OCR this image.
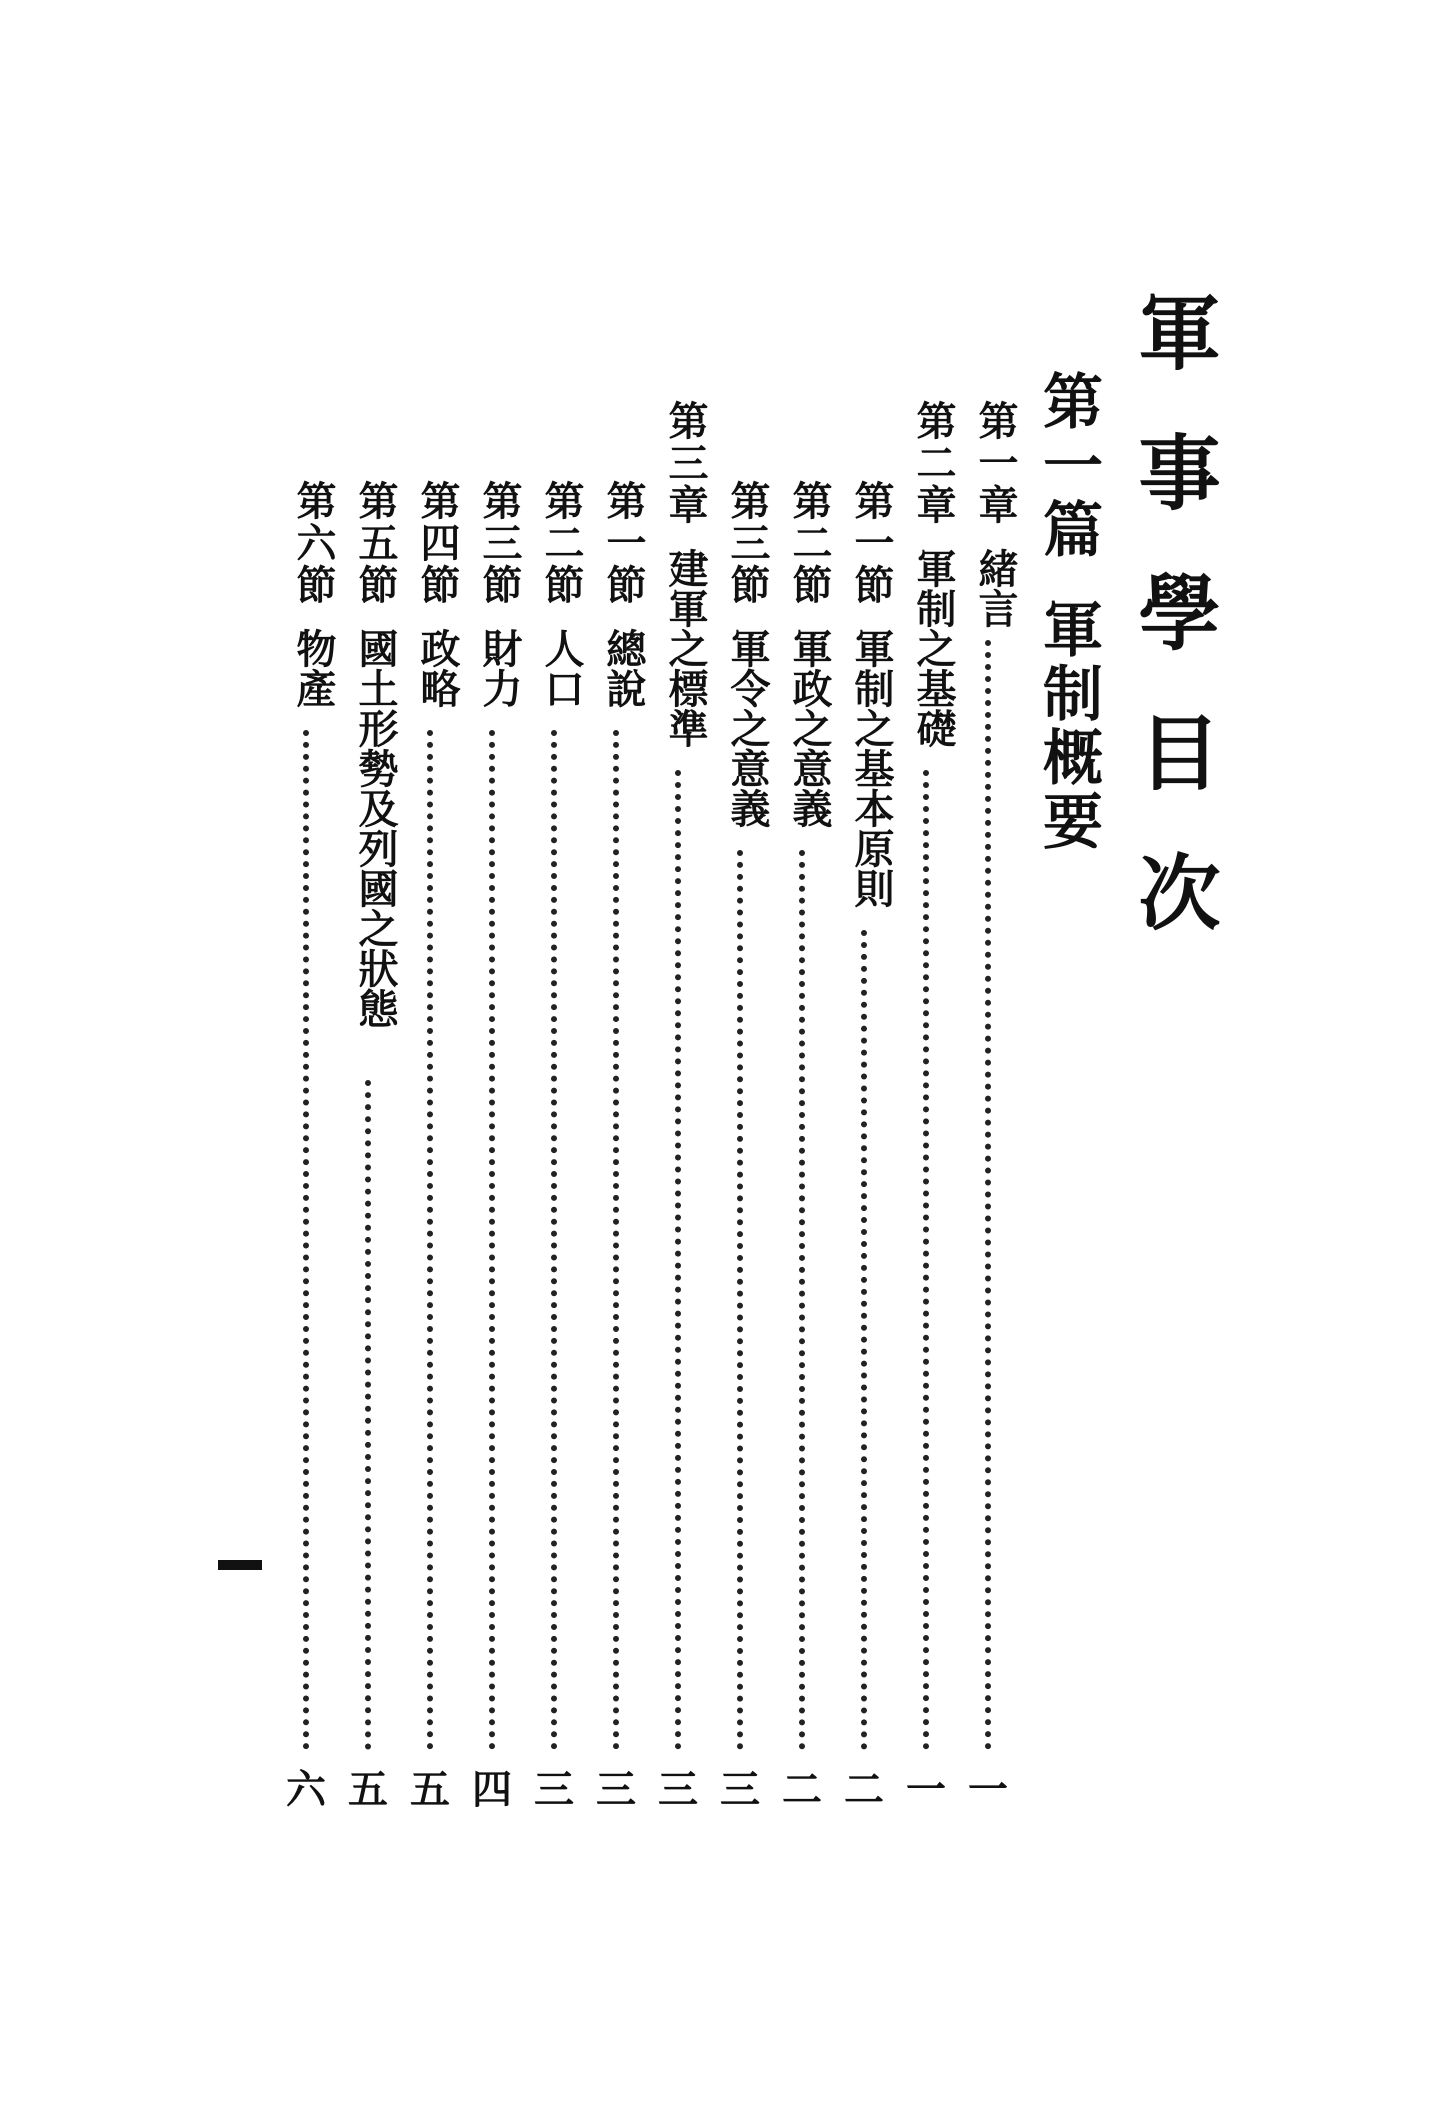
軍事學目次
第一篇軍制概要
第一章緒言
一
第二章軍制之基礎
一
第一節軍制之基本原則
二
第二節軍政之意義
二
第三節軍令之意義
三
第三章建軍之標準
三
第一節總說
三
第二節人口
三
第三節財力
四
第四節政略
五
第五節國土形勢及列國之狀態
五
第六節物產
六
